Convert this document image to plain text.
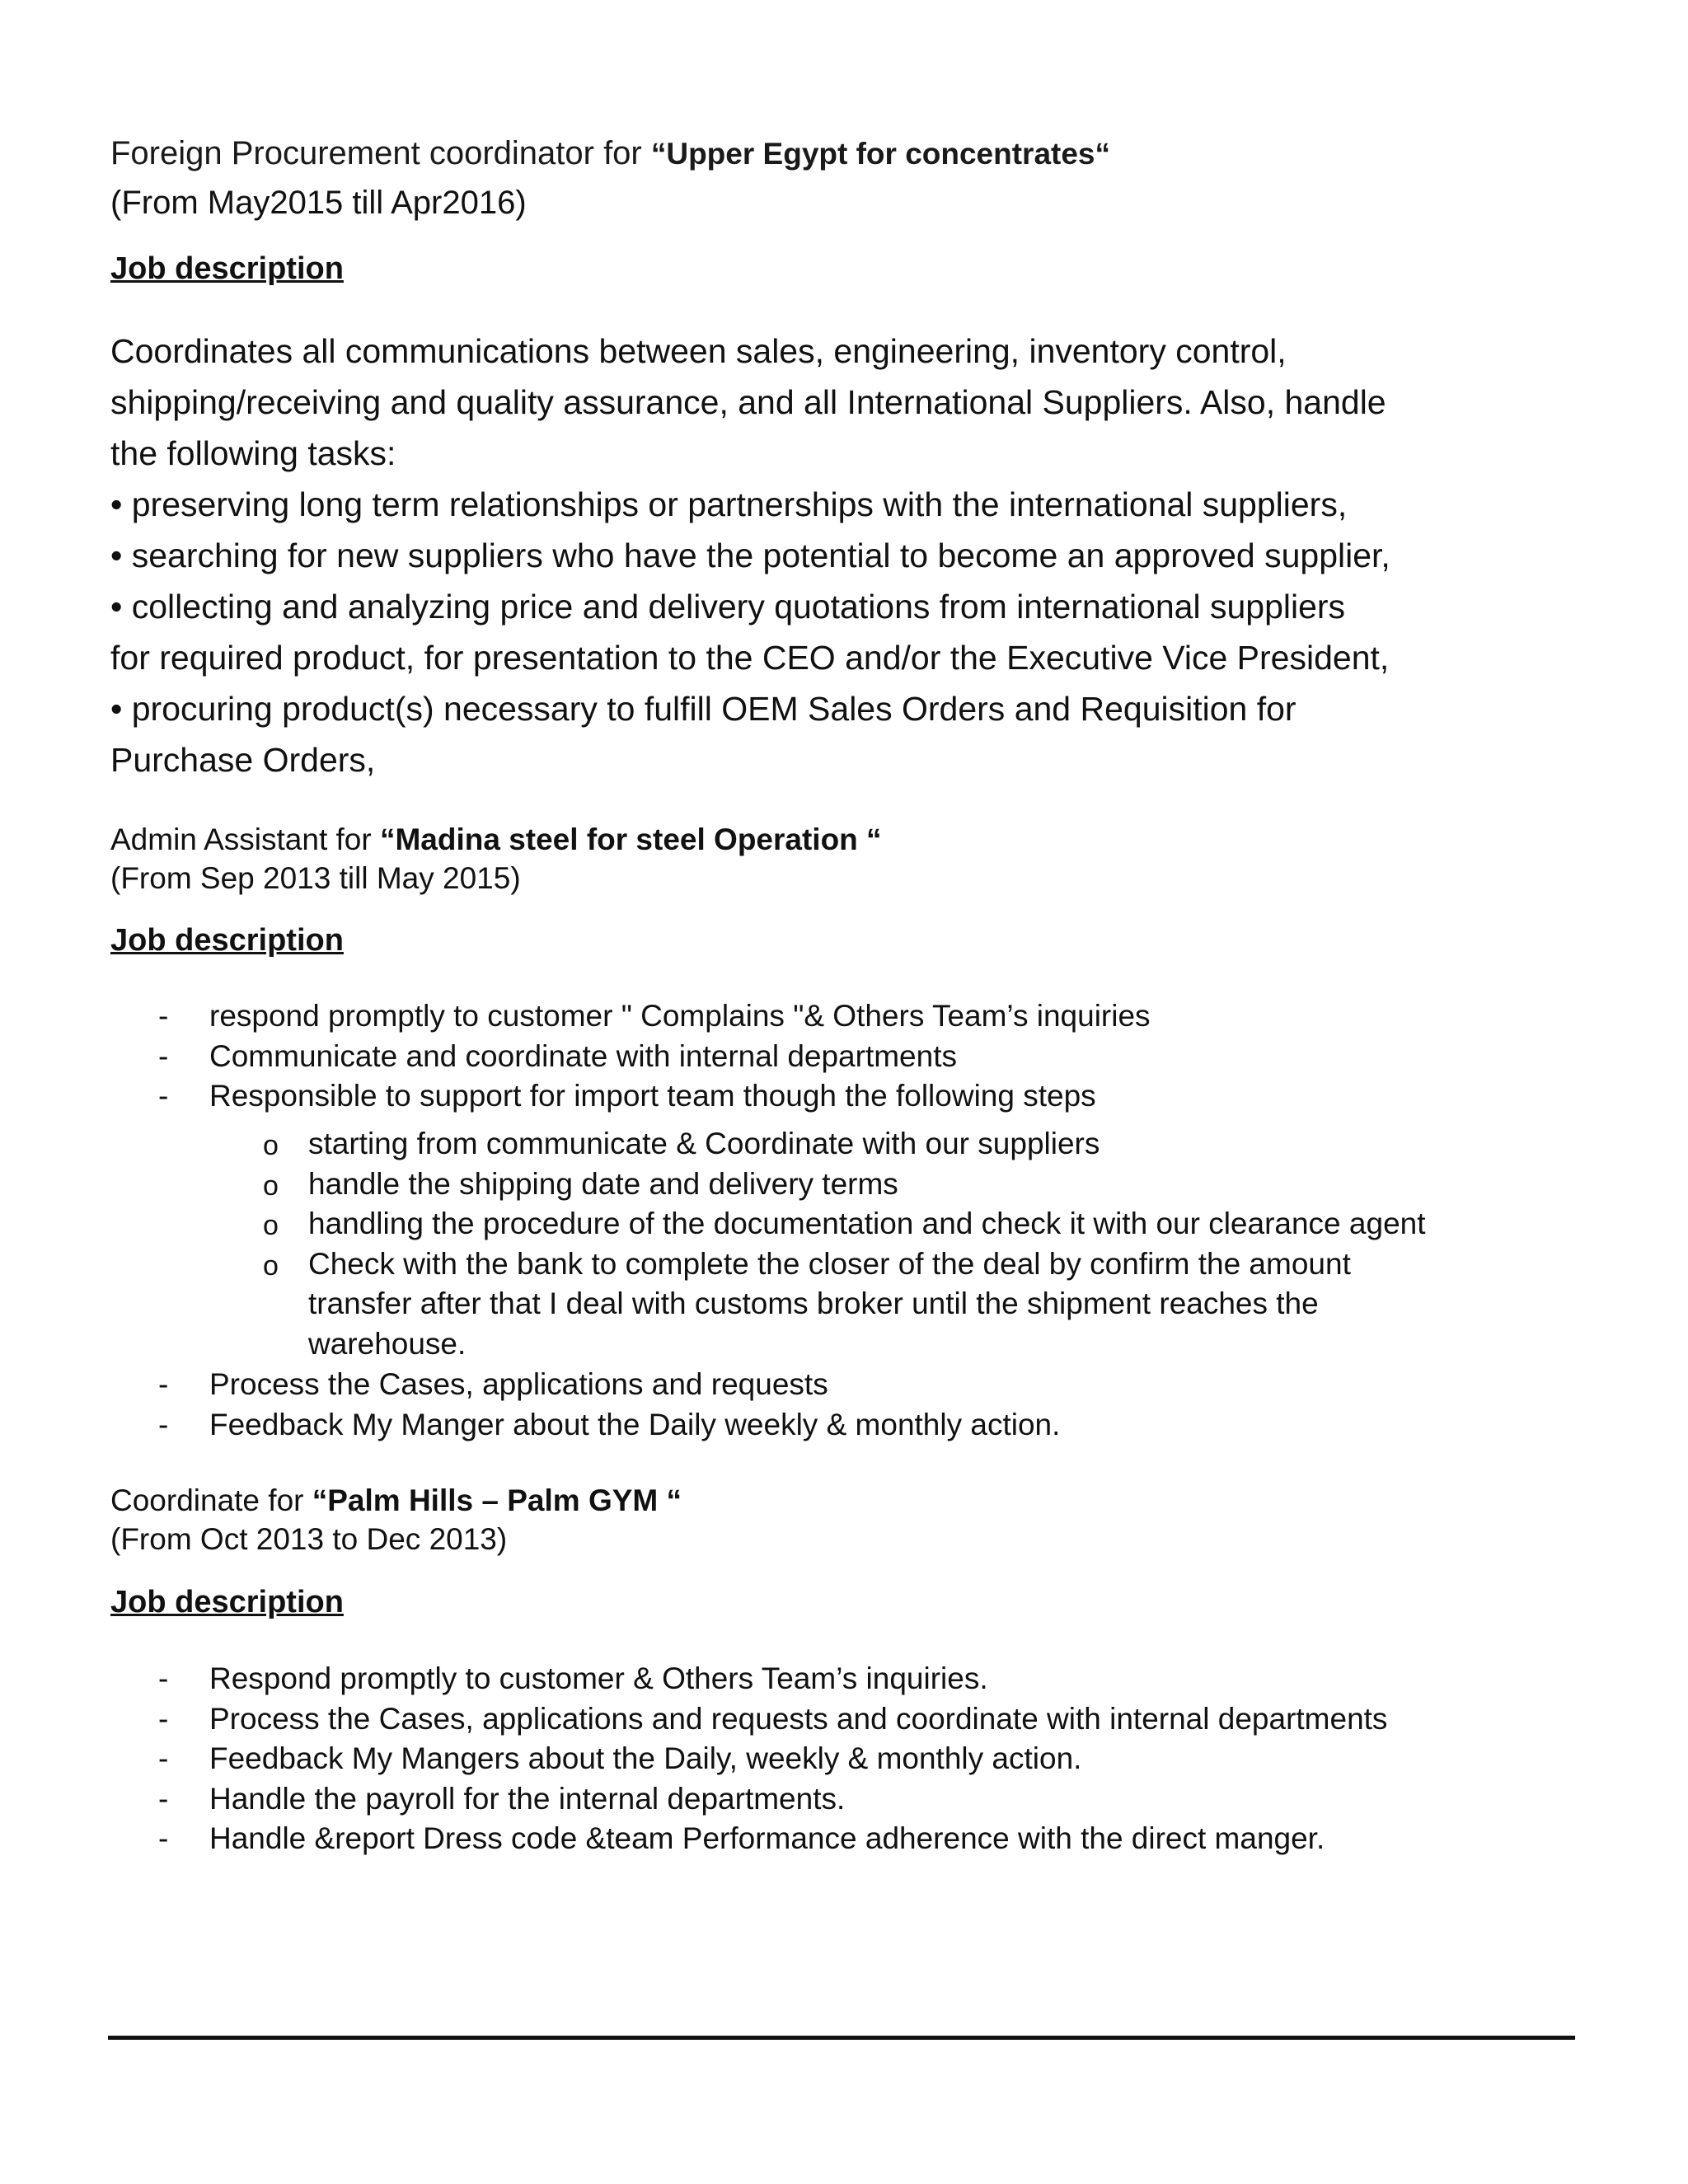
Foreign Procurement coordinator for “Upper Egypt for concentrates“
(From May2015 till Apr2016)
Job description
Coordinates all communications between sales, engineering, inventory control,
shipping/receiving and quality assurance, and all International Suppliers. Also, handle
the following tasks:
• preserving long term relationships or partnerships with the international suppliers,
• searching for new suppliers who have the potential to become an approved supplier,
• collecting and analyzing price and delivery quotations from international suppliers
for required product, for presentation to the CEO and/or the Executive Vice President,
• procuring product(s) necessary to fulfill OEM Sales Orders and Requisition for
Purchase Orders,
Admin Assistant for “Madina steel for steel Operation “
(From Sep 2013 till May 2015)
Job description
- respond promptly to customer " Complains "& Others Team’s inquiries
- Communicate and coordinate with internal departments
- Responsible to support for import team though the following steps
o starting from communicate & Coordinate with our suppliers
o handle the shipping date and delivery terms
o handling the procedure of the documentation and check it with our clearance agent
o Check with the bank to complete the closer of the deal by confirm the amount
transfer after that I deal with customs broker until the shipment reaches the
warehouse.
- Process the Cases, applications and requests
- Feedback My Manger about the Daily weekly & monthly action.
Coordinate for “Palm Hills – Palm GYM “
(From Oct 2013 to Dec 2013)
Job description
- Respond promptly to customer & Others Team’s inquiries.
- Process the Cases, applications and requests and coordinate with internal departments
- Feedback My Mangers about the Daily, weekly & monthly action.
- Handle the payroll for the internal departments.
- Handle &report Dress code &team Performance adherence with the direct manger.
